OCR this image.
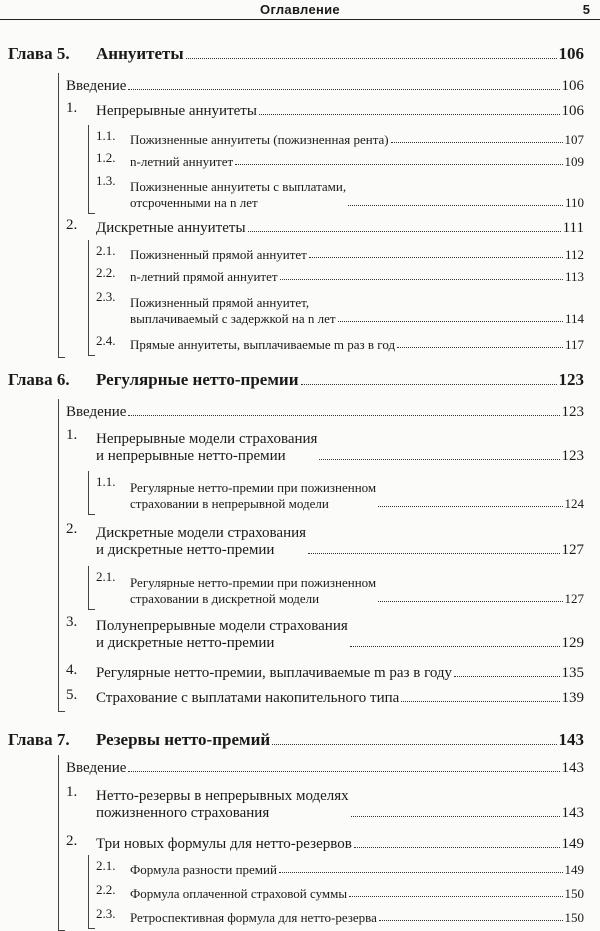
Оглавление	5
Глава 5.	Аннуитеты	106
Введение	106
1. Непрерывные аннуитеты	106
1.1. Пожизненные аннуитеты (пожизненная рента)	107
1.2. n-летний аннуитет	109
1.3. Пожизненные аннуитеты с выплатами,
отсроченными на n лет	110
2. Дискретные аннуитеты	111
2.1. Пожизненный прямой аннуитет	112
2.2. n-летний прямой аннуитет	113
2.3. Пожизненный прямой аннуитет,
выплачиваемый с задержкой на n лет	114
2.4. Прямые аннуитеты, выплачиваемые m раз в год	117
Глава 6.	Регулярные нетто-премии	123
Введение	123
1. Непрерывные модели страхования
и непрерывные нетто-премии	123
1.1. Регулярные нетто-премии при пожизненном
страховании в непрерывной модели	124
2. Дискретные модели страхования
и дискретные нетто-премии	127
2.1. Регулярные нетто-премии при пожизненном
страховании в дискретной модели	127
3. Полунепрерывные модели страхования
и дискретные нетто-премии	129
4. Регулярные нетто-премии, выплачиваемые m раз в году	135
5. Страхование с выплатами накопительного типа	139
Глава 7.	Резервы нетто-премий	143
Введение	143
1. Нетто-резервы в непрерывных моделях
пожизненного страхования	143
2. Три новых формулы для нетто-резервов	149
2.1. Формула разности премий	149
2.2. Формула оплаченной страховой суммы	150
2.3. Ретроспективная формула для нетто-резерва	150
